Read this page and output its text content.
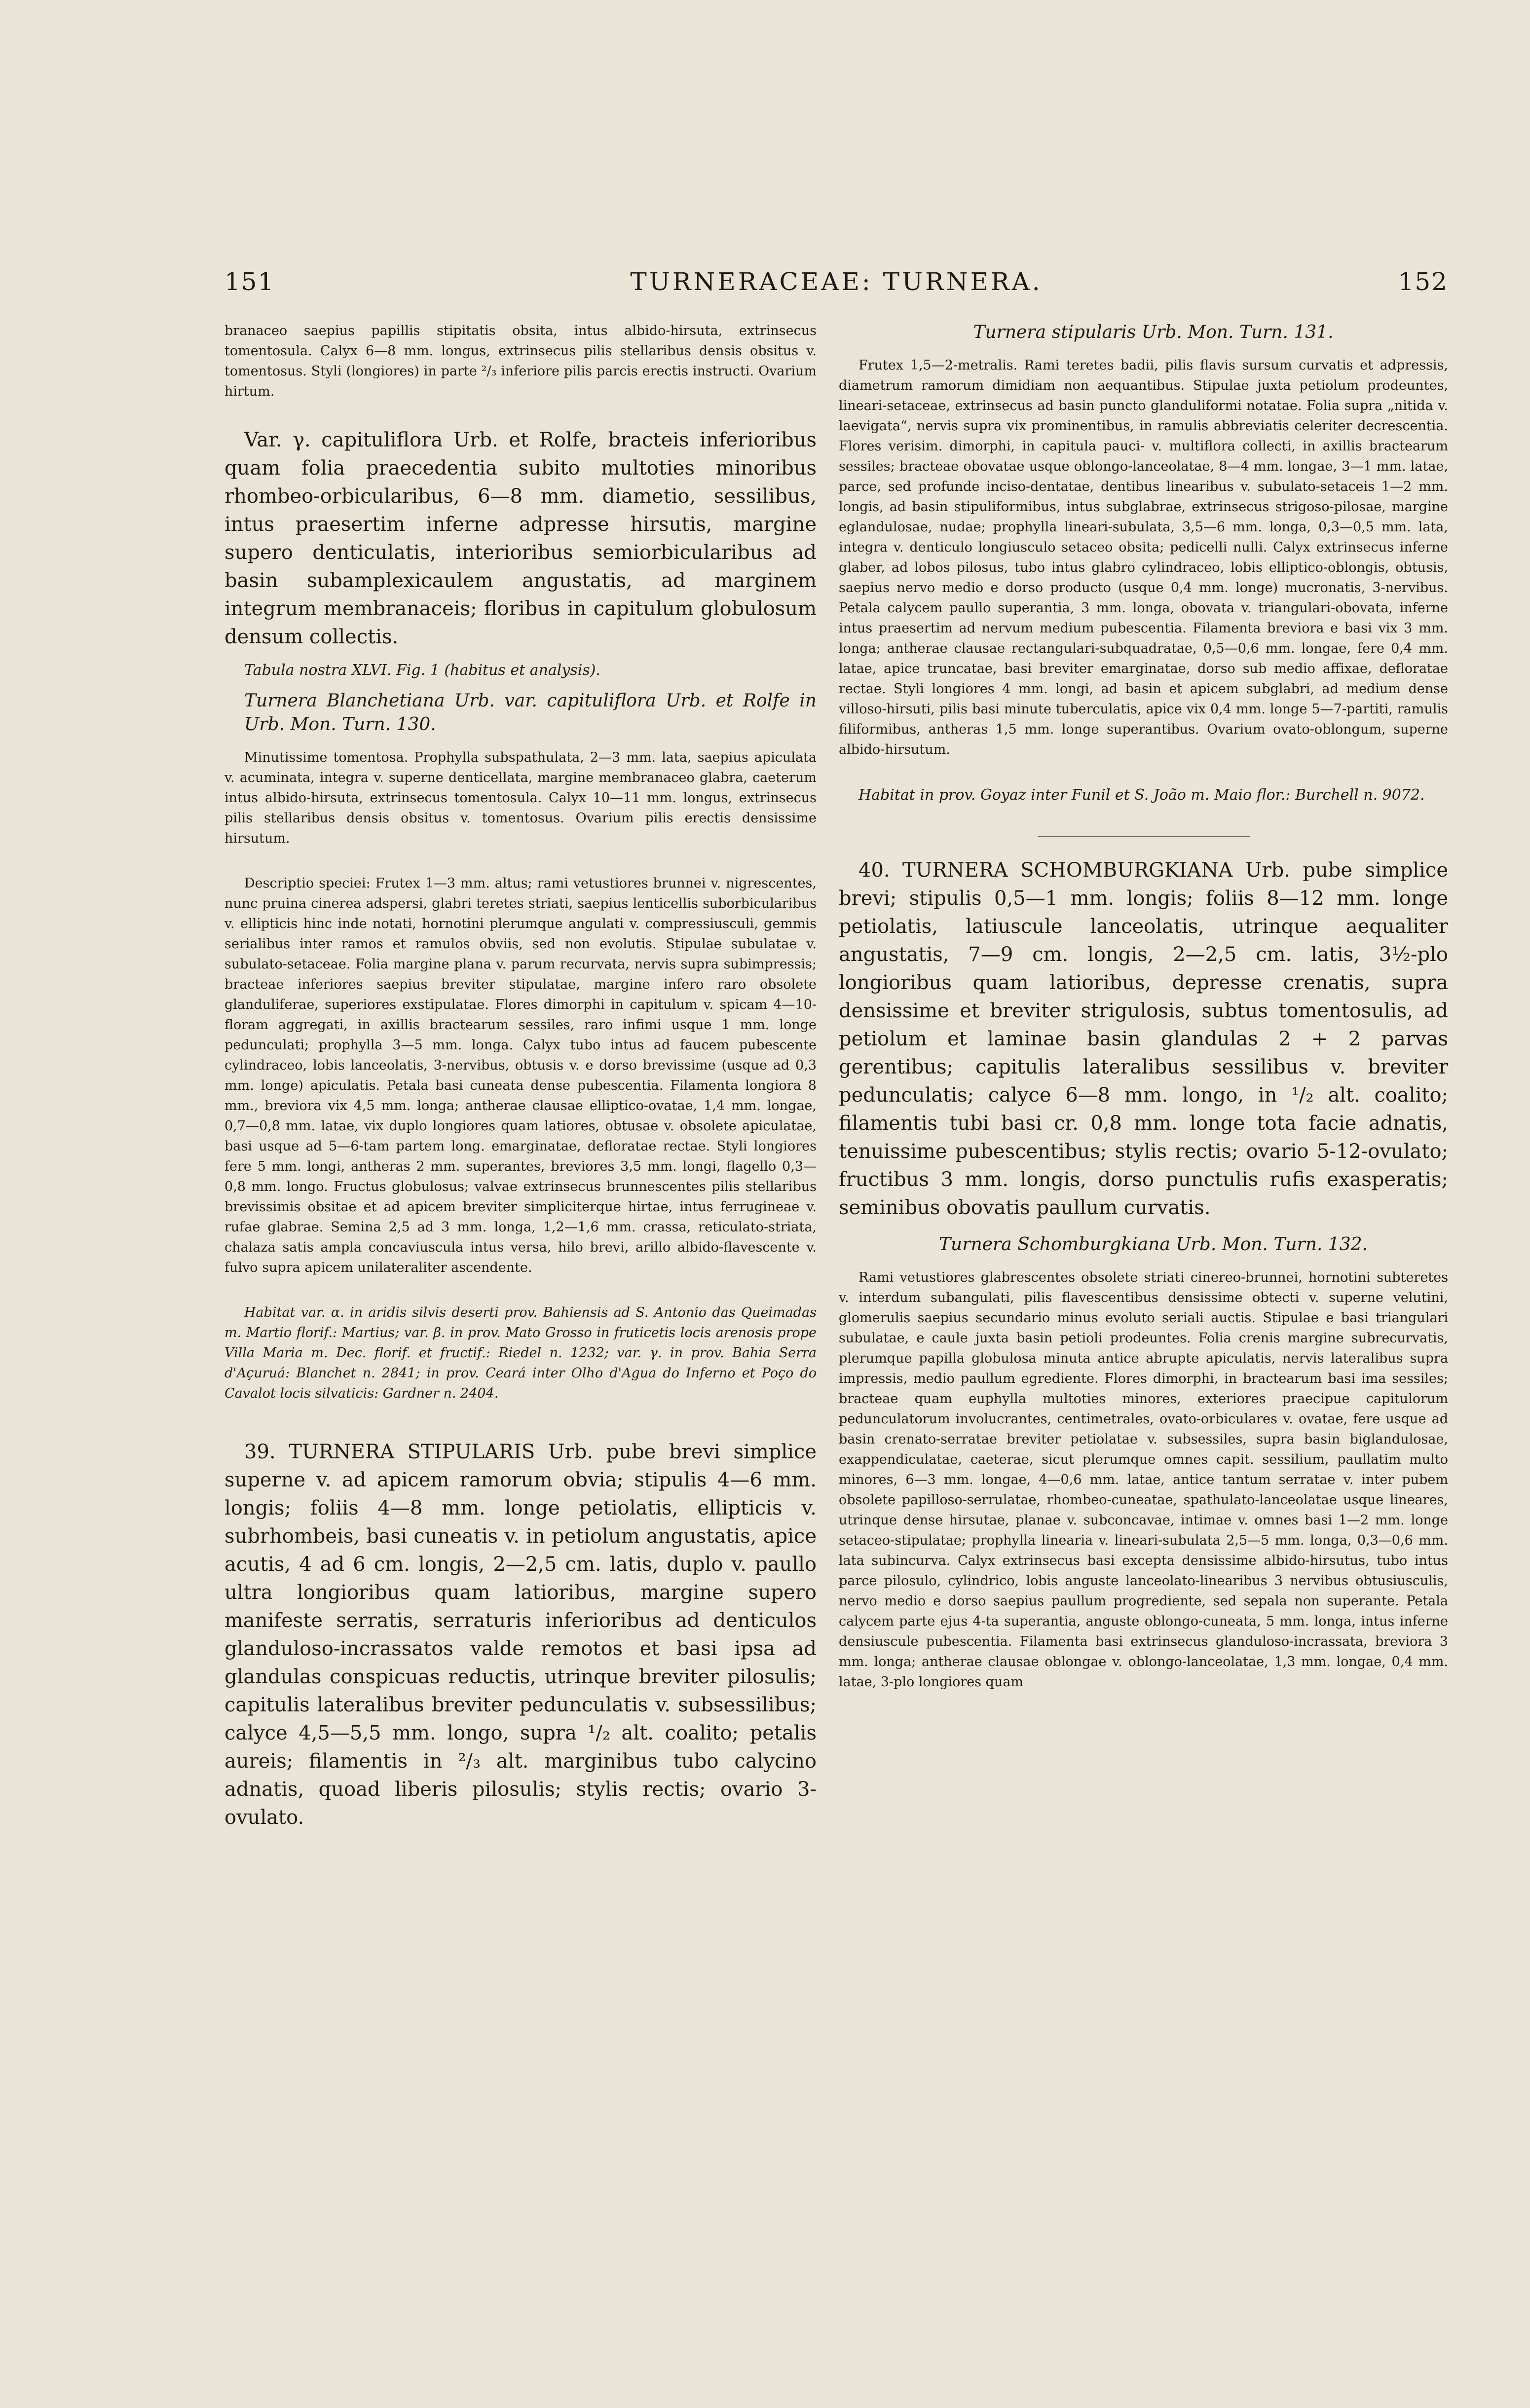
151	TURNERACEAE: TURNERA.	152

branaceo saepius papillis stipitatis obsita, intus albido-hirsuta, extrinsecus tomentosula. Calyx 6—8 mm. longus, extrinsecus pilis stellaribus densis obsitus v. tomentosus. Styli (longiores) in parte ²/₃ inferiore pilis parcis erectis instructi. Ovarium hirtum.

Var. γ. capituliflora Urb. et Rolfe, bracteis inferioribus quam folia praecedentia subito multoties minoribus rhombeo-orbicularibus, 6—8 mm. diametio, sessilibus, intus praesertim inferne adpresse hirsutis, margine supero denticulatis, interioribus semiorbicularibus ad basin subamplexicaulem angustatis, ad marginem integrum membranaceis; floribus in capitulum globulosum densum collectis.

Tabula nostra XLVI. Fig. 1 (habitus et analysis).

Turnera Blanchetiana Urb. var. capituliflora Urb. et Rolfe in Urb. Mon. Turn. 130.

Minutissime tomentosa. Prophylla subspathulata, 2—3 mm. lata, saepius apiculata v. acuminata, integra v. superne denticellata, margine membranaceo glabra, caeterum intus albido-hirsuta, extrinsecus tomentosula. Calyx 10—11 mm. longus, extrinsecus pilis stellaribus densis obsitus v. tomentosus. Ovarium pilis erectis densissime hirsutum.

Descriptio speciei: Frutex 1—3 mm. altus; rami vetustiores brunnei v. nigrescentes, nunc pruina cinerea adspersi, glabri teretes striati, saepius lenticellis suborbicularibus v. ellipticis hinc inde notati, hornotini plerumque angulati v. compressiusculi, gemmis serialibus inter ramos et ramulos obviis, sed non evolutis. Stipulae subulatae v. subulato-setaceae. Folia margine plana v. parum recurvata, nervis supra subimpressis; bracteae inferiores saepius breviter stipulatae, margine infero raro obsolete glanduliferae, superiores exstipulatae. Flores dimorphi in capitulum v. spicam 4—10-floram aggregati, in axillis bractearum sessiles, raro infimi usque 1 mm. longe pedunculati; prophylla 3—5 mm. longa. Calyx tubo intus ad faucem pubescente cylindraceo, lobis lanceolatis, 3-nervibus, obtusis v. e dorso brevissime (usque ad 0,3 mm. longe) apiculatis. Petala basi cuneata dense pubescentia. Filamenta longiora 8 mm., breviora vix 4,5 mm. longa; antherae clausae elliptico-ovatae, 1,4 mm. longae, 0,7—0,8 mm. latae, vix duplo longiores quam latiores, obtusae v. obsolete apiculatae, basi usque ad 5—6-tam partem long. emarginatae, defloratae rectae. Styli longiores fere 5 mm. longi, antheras 2 mm. superantes, breviores 3,5 mm. longi, flagello 0,3—0,8 mm. longo. Fructus globulosus; valvae extrinsecus brunnescentes pilis stellaribus brevissimis obsitae et ad apicem breviter simpliciterque hirtae, intus ferrugineae v. rufae glabrae. Semina 2,5 ad 3 mm. longa, 1,2—1,6 mm. crassa, reticulato-striata, chalaza satis ampla concaviuscula intus versa, hilo brevi, arillo albido-flavescente v. fulvo supra apicem unilateraliter ascendente.

Habitat var. α. in aridis silvis deserti prov. Bahiensis ad S. Antonio das Queimadas m. Martio florif.: Martius; var. β. in prov. Mato Grosso in fruticetis locis arenosis prope Villa Maria m. Dec. florif. et fructif.: Riedel n. 1232; var. γ. in prov. Bahia Serra d'Açuruá: Blanchet n. 2841; in prov. Ceará inter Olho d'Agua do Inferno et Poço do Cavalot locis silvaticis: Gardner n. 2404.

39. TURNERA STIPULARIS Urb. pube brevi simplice superne v. ad apicem ramorum obvia; stipulis 4—6 mm. longis; foliis 4—8 mm. longe petiolatis, ellipticis v. subrhombeis, basi cuneatis v. in petiolum angustatis, apice acutis, 4 ad 6 cm. longis, 2—2,5 cm. latis, duplo v. paullo ultra longioribus quam latioribus, margine supero manifeste serratis, serraturis inferioribus ad denticulos glanduloso-incrassatos valde remotos et basi ipsa ad glandulas conspicuas reductis, utrinque breviter pilosulis; capitulis lateralibus breviter pedunculatis v. subsessilibus; calyce 4,5—5,5 mm. longo, supra ¹/₂ alt. coalito; petalis aureis; filamentis in ²/₃ alt. marginibus tubo calycino adnatis, quoad liberis pilosulis; stylis rectis; ovario 3-ovulato.

Turnera stipularis Urb. Mon. Turn. 131.

Frutex 1,5—2-metralis. Rami teretes badii, pilis flavis sursum curvatis et adpressis, diametrum ramorum dimidiam non aequantibus. Stipulae juxta petiolum prodeuntes, lineari-setaceae, extrinsecus ad basin puncto glanduliformi notatae. Folia supra „nitida v. laevigata“, nervis supra vix prominentibus, in ramulis abbreviatis celeriter decrescentia. Flores verisim. dimorphi, in capitula pauci- v. multiflora collecti, in axillis bractearum sessiles; bracteae obovatae usque oblongo-lanceolatae, 8—4 mm. longae, 3—1 mm. latae, parce, sed profunde inciso-dentatae, dentibus linearibus v. subulato-setaceis 1—2 mm. longis, ad basin stipuliformibus, intus subglabrae, extrinsecus strigoso-pilosae, margine eglandulosae, nudae; prophylla lineari-subulata, 3,5—6 mm. longa, 0,3—0,5 mm. lata, integra v. denticulo longiusculo setaceo obsita; pedicelli nulli. Calyx extrinsecus inferne glaber, ad lobos pilosus, tubo intus glabro cylindraceo, lobis elliptico-oblongis, obtusis, saepius nervo medio e dorso producto (usque 0,4 mm. longe) mucronatis, 3-nervibus. Petala calycem paullo superantia, 3 mm. longa, obovata v. triangulari-obovata, inferne intus praesertim ad nervum medium pubescentia. Filamenta breviora e basi vix 3 mm. longa; antherae clausae rectangulari-subquadratae, 0,5—0,6 mm. longae, fere 0,4 mm. latae, apice truncatae, basi breviter emarginatae, dorso sub medio affixae, defloratae rectae. Styli longiores 4 mm. longi, ad basin et apicem subglabri, ad medium dense villoso-hirsuti, pilis basi minute tuberculatis, apice vix 0,4 mm. longe 5—7-partiti, ramulis filiformibus, antheras 1,5 mm. longe superantibus. Ovarium ovato-oblongum, superne albido-hirsutum.

Habitat in prov. Goyaz inter Funil et S. João m. Maio flor.: Burchell n. 9072.

40. TURNERA SCHOMBURGKIANA Urb. pube simplice brevi; stipulis 0,5—1 mm. longis; foliis 8—12 mm. longe petiolatis, latiuscule lanceolatis, utrinque aequaliter angustatis, 7—9 cm. longis, 2—2,5 cm. latis, 3½-plo longioribus quam latioribus, depresse crenatis, supra densissime et breviter strigulosis, subtus tomentosulis, ad petiolum et laminae basin glandulas 2 + 2 parvas gerentibus; capitulis lateralibus sessilibus v. breviter pedunculatis; calyce 6—8 mm. longo, in ¹/₂ alt. coalito; filamentis tubi basi cr. 0,8 mm. longe tota facie adnatis, tenuissime pubescentibus; stylis rectis; ovario 5-12-ovulato; fructibus 3 mm. longis, dorso punctulis rufis exasperatis; seminibus obovatis paullum curvatis.

Turnera Schomburgkiana Urb. Mon. Turn. 132.

Rami vetustiores glabrescentes obsolete striati cinereo-brunnei, hornotini subteretes v. interdum subangulati, pilis flavescentibus densissime obtecti v. superne velutini, glomerulis saepius secundario minus evoluto seriali auctis. Stipulae e basi triangulari subulatae, e caule juxta basin petioli prodeuntes. Folia crenis margine subrecurvatis, plerumque papilla globulosa minuta antice abrupte apiculatis, nervis lateralibus supra impressis, medio paullum egrediente. Flores dimorphi, in bractearum basi ima sessiles; bracteae quam euphylla multoties minores, exteriores praecipue capitulorum pedunculatorum involucrantes, centimetrales, ovato-orbiculares v. ovatae, fere usque ad basin crenato-serratae breviter petiolatae v. subsessiles, supra basin biglandulosae, exappendiculatae, caeterae, sicut plerumque omnes capit. sessilium, paullatim multo minores, 6—3 mm. longae, 4—0,6 mm. latae, antice tantum serratae v. inter pubem obsolete papilloso-serrulatae, rhombeo-cuneatae, spathulato-lanceolatae usque lineares, utrinque dense hirsutae, planae v. subconcavae, intimae v. omnes basi 1—2 mm. longe setaceo-stipulatae; prophylla linearia v. lineari-subulata 2,5—5 mm. longa, 0,3—0,6 mm. lata subincurva. Calyx extrinsecus basi excepta densissime albido-hirsutus, tubo intus parce pilosulo, cylindrico, lobis anguste lanceolato-linearibus 3 nervibus obtusiusculis, nervo medio e dorso saepius paullum progrediente, sed sepala non superante. Petala calycem parte ejus 4-ta superantia, anguste oblongo-cuneata, 5 mm. longa, intus inferne densiuscule pubescentia. Filamenta basi extrinsecus glanduloso-incrassata, breviora 3 mm. longa; antherae clausae oblongae v. oblongo-lanceolatae, 1,3 mm. longae, 0,4 mm. latae, 3-plo longiores quam
